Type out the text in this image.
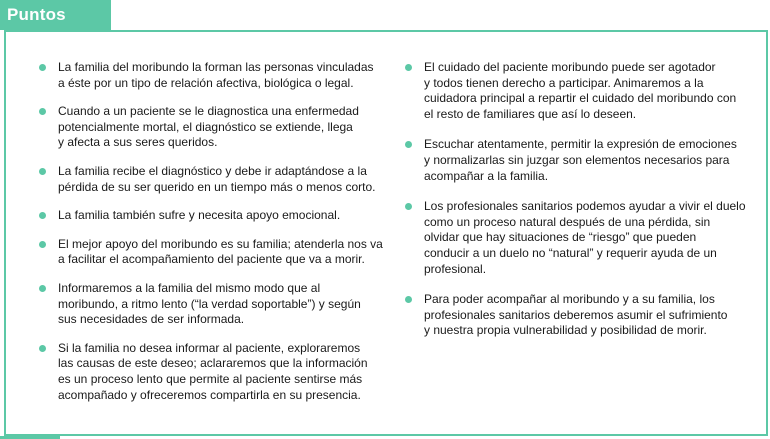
Puntos clave
La familia del moribundo la forman las personas vinculadas
a éste por un tipo de relación afectiva, biológica o legal.
Cuando a un paciente se le diagnostica una enfermedad
potencialmente mortal, el diagnóstico se extiende, llega
y afecta a sus seres queridos.
La familia recibe el diagnóstico y debe ir adaptándose a la
pérdida de su ser querido en un tiempo más o menos corto.
La familia también sufre y necesita apoyo emocional.
El mejor apoyo del moribundo es su familia; atenderla nos va
a facilitar el acompañamiento del paciente que va a morir.
Informaremos a la familia del mismo modo que al
moribundo, a ritmo lento (“la verdad soportable”) y según
sus necesidades de ser informada.
Si la familia no desea informar al paciente, exploraremos
las causas de este deseo; aclararemos que la información
es un proceso lento que permite al paciente sentirse más
acompañado y ofreceremos compartirla en su presencia.
El cuidado del paciente moribundo puede ser agotador
y todos tienen derecho a participar. Animaremos a la
cuidadora principal a repartir el cuidado del moribundo con
el resto de familiares que así lo deseen.
Escuchar atentamente, permitir la expresión de emociones
y normalizarlas sin juzgar son elementos necesarios para
acompañar a la familia.
Los profesionales sanitarios podemos ayudar a vivir el duelo
como un proceso natural después de una pérdida, sin
olvidar que hay situaciones de “riesgo” que pueden
conducir a un duelo no “natural” y requerir ayuda de un
profesional.
Para poder acompañar al moribundo y a su familia, los
profesionales sanitarios deberemos asumir el sufrimiento
y nuestra propia vulnerabilidad y posibilidad de morir.
